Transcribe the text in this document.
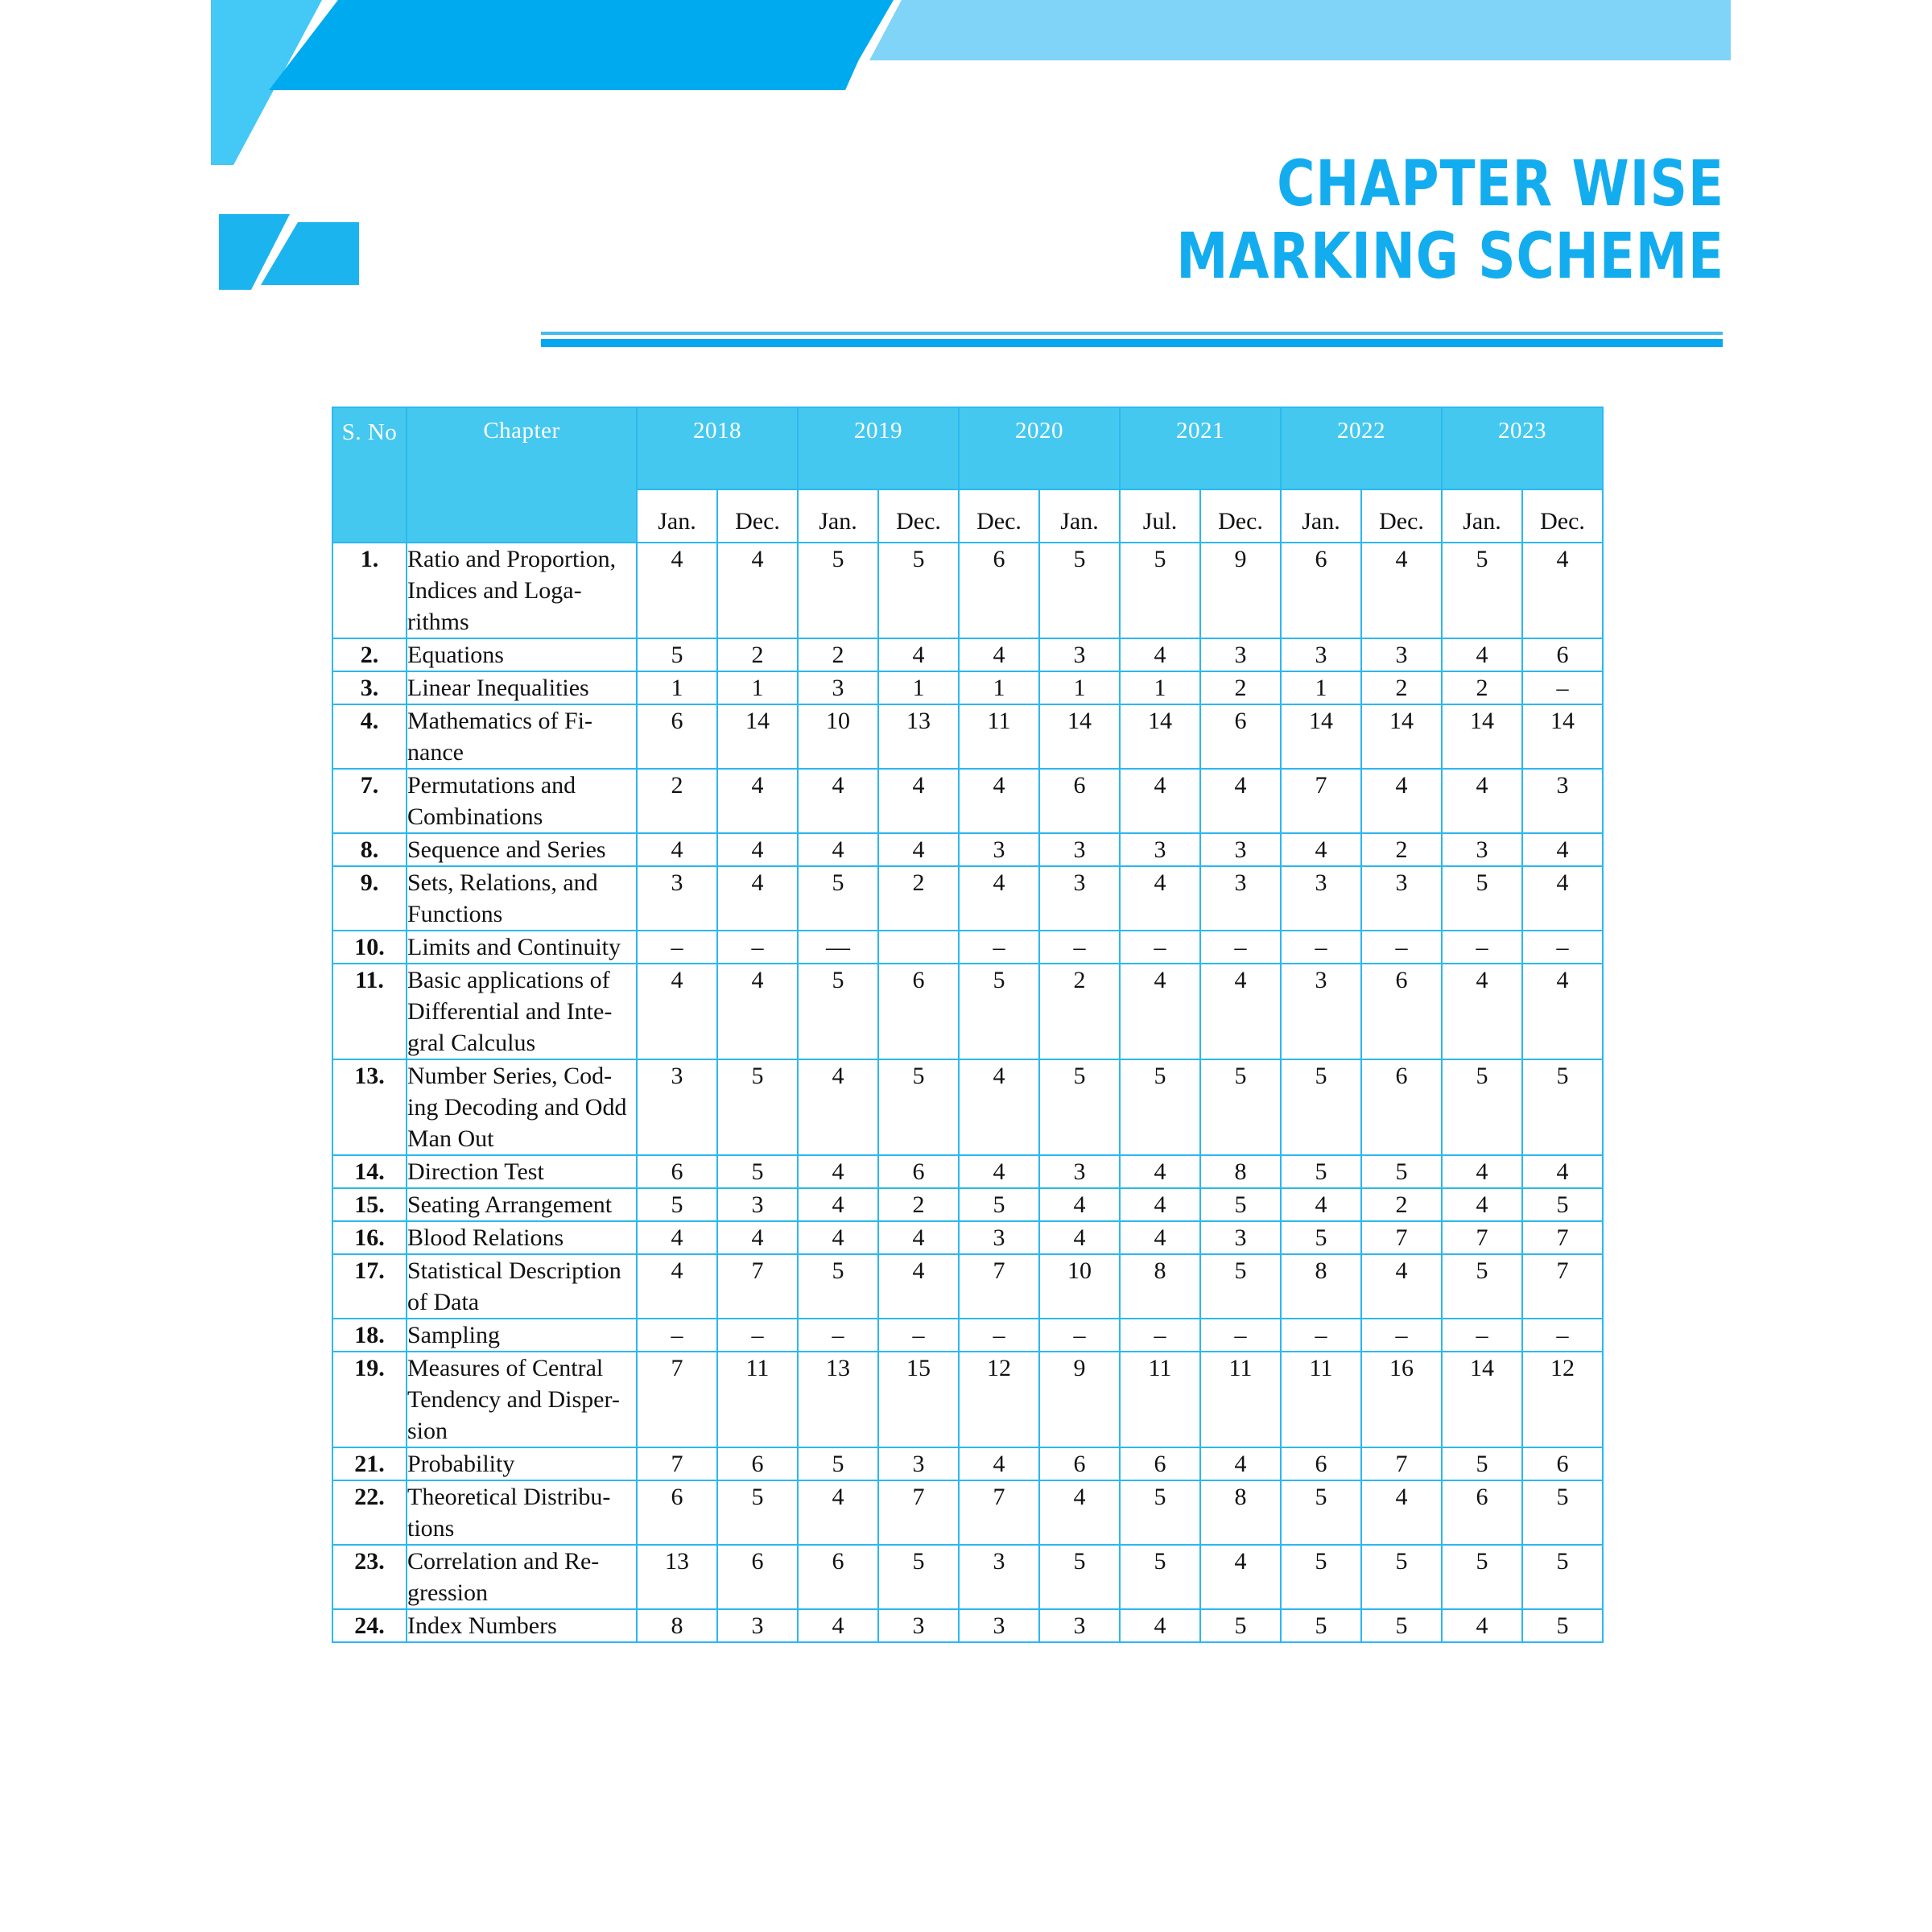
CHAPTER WISE
MARKING SCHEME
S. No	Chapter	2018		2019		2020		2021		2022		2023	
		Jan.	Dec.	Jan.	Dec.	Dec.	Jan.	Jul.	Dec.	Jan.	Dec.	Jan.	Dec.
1.	Ratio and Proportion, Indices and Loga-rithms	4	4	5	5	6	5	5	9	6	4	5	4
2.	Equations	5	2	2	4	4	3	4	3	3	3	4	6
3.	Linear Inequalities	1	1	3	1	1	1	1	2	1	2	2	–
4.	Mathematics of Fi-nance	6	14	10	13	11	14	14	6	14	14	14	14
7.	Permutations and Combinations	2	4	4	4	4	6	4	4	7	4	4	3
8.	Sequence and Series	4	4	4	4	3	3	3	3	4	2	3	4
9.	Sets, Relations, and Functions	3	4	5	2	4	3	4	3	3	3	5	4
10.	Limits and Continuity	–	–	—		–	–	–	–	–	–	–	–
11.	Basic applications of Differential and Inte-gral Calculus	4	4	5	6	5	2	4	4	3	6	4	4
13.	Number Series, Cod-ing Decoding and Odd Man Out	3	5	4	5	4	5	5	5	5	6	5	5
14.	Direction Test	6	5	4	6	4	3	4	8	5	5	4	4
15.	Seating Arrangement	5	3	4	2	5	4	4	5	4	2	4	5
16.	Blood Relations	4	4	4	4	3	4	4	3	5	7	7	7
17.	Statistical Description of Data	4	7	5	4	7	10	8	5	8	4	5	7
18.	Sampling	–	–	–	–	–	–	–	–	–	–	–	–
19.	Measures of Central Tendency and Disper-sion	7	11	13	15	12	9	11	11	11	16	14	12
21.	Probability	7	6	5	3	4	6	6	4	6	7	5	6
22.	Theoretical Distribu-tions	6	5	4	7	7	4	5	8	5	4	6	5
23.	Correlation and Re-gression	13	6	6	5	3	5	5	4	5	5	5	5
24.	Index Numbers	8	3	4	3	3	3	4	5	5	5	4	5
